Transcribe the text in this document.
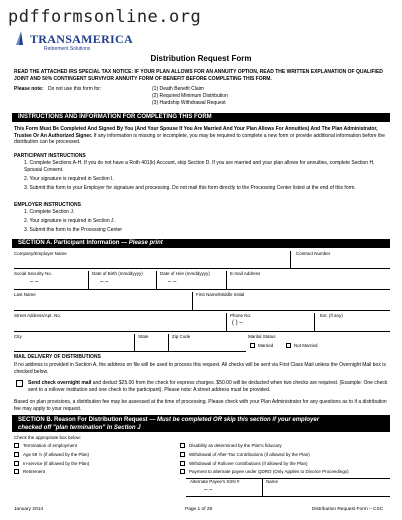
pdfformsonline.org
TRANSAMERICA
Retirement Solutions
Distribution Request Form
READ THE ATTACHED IRS SPECIAL TAX NOTICE: IF YOUR PLAN ALLOWS FOR AN ANNUITY OPTION, READ THE WRITTEN EXPLANATION OF QUALIFIED JOINT AND 50% CONTINGENT SURVIVOR ANNUITY FORM OF BENEFIT BEFORE COMPLETING THIS FORM.
Please note: Do not use this form for:	(1) Death Benefit Claim
(2) Required Minimum Distribution
(3) Hardship Withdrawal Request
INSTRUCTIONS AND INFORMATION FOR COMPLETING THIS FORM
This Form Must Be Completed And Signed By You (And Your Spouse If You Are Married And Your Plan Allows For Annuities) And The Plan Administrator, Trustee Or An Authorized Signer. If any information is missing or incomplete, you may be required to complete a new form or provide additional information before the distribution can be processed.
PARTICIPANT INSTRUCTIONS
1. Complete Sections A-H. If you do not have a Roth 401(k) Account, skip Section D. If you are married and your plan allows for annuities, complete Section H, Spousal Consent.
2. Your signature is required in Section I.
3. Submit this form to your Employer for signature and processing. Do not mail this form directly to the Processing Center listed at the end of this form.
EMPLOYER INSTRUCTIONS
1. Complete Section J.
2. Your signature is required in Section J.
3. Submit this form to the Processing Center
SECTION A. Participant Information — Please print
Company/Employer Name	Contract Number
Social Security No.	Date of Birth (mmddyyyy)	Date of Hire (mmddyyyy)	E-mail Address
– –	– –	– –
Last Name	First Name/Middle Initial
Street Address/Apt. No.	Phone No.	Ext. (if any)
( ) –
City	State	Zip Code	Marital Status
Married	Not Married
MAIL DELIVERY OF DISTRIBUTIONS
If no address is provided in Section A, the address on file will be used to process this request. All checks will be sent via First Class Mail unless the Overnight Mail box is checked below.
Send check overnight mail and deduct $25.00 from the check for express charges. $50.00 will be deducted when two checks are required. (Example: One check sent to a rollover institution and one check to the participant). Please note: A street address must be provided.
Based on plan provisions, a distribution fee may be assessed at the time of processing. Please check with your Plan Administrator for any questions as to if a distribution fee may apply to your request.
SECTION B. Reason For Distribution Request — Must be completed OR skip this section if your employer
checked off "plan termination" In Section J
Check the appropriate box below:
Termination of employment
Age 59 ½ (if allowed by the Plan)
In-service (if allowed by the Plan)
Retirement
Disability as determined by the Plan's fiduciary
Withdrawal of After-Tax Contributions (if allowed by the Plan)
Withdrawal of Rollover contributions (if allowed by the Plan)
Payment to alternate payee under QDRO (Only Applies to Divorce Proceedings)
Alternate Payee's SSN #	Name
– –
January 2014	Page 1 of 28	Distribution Request Form – CSC
